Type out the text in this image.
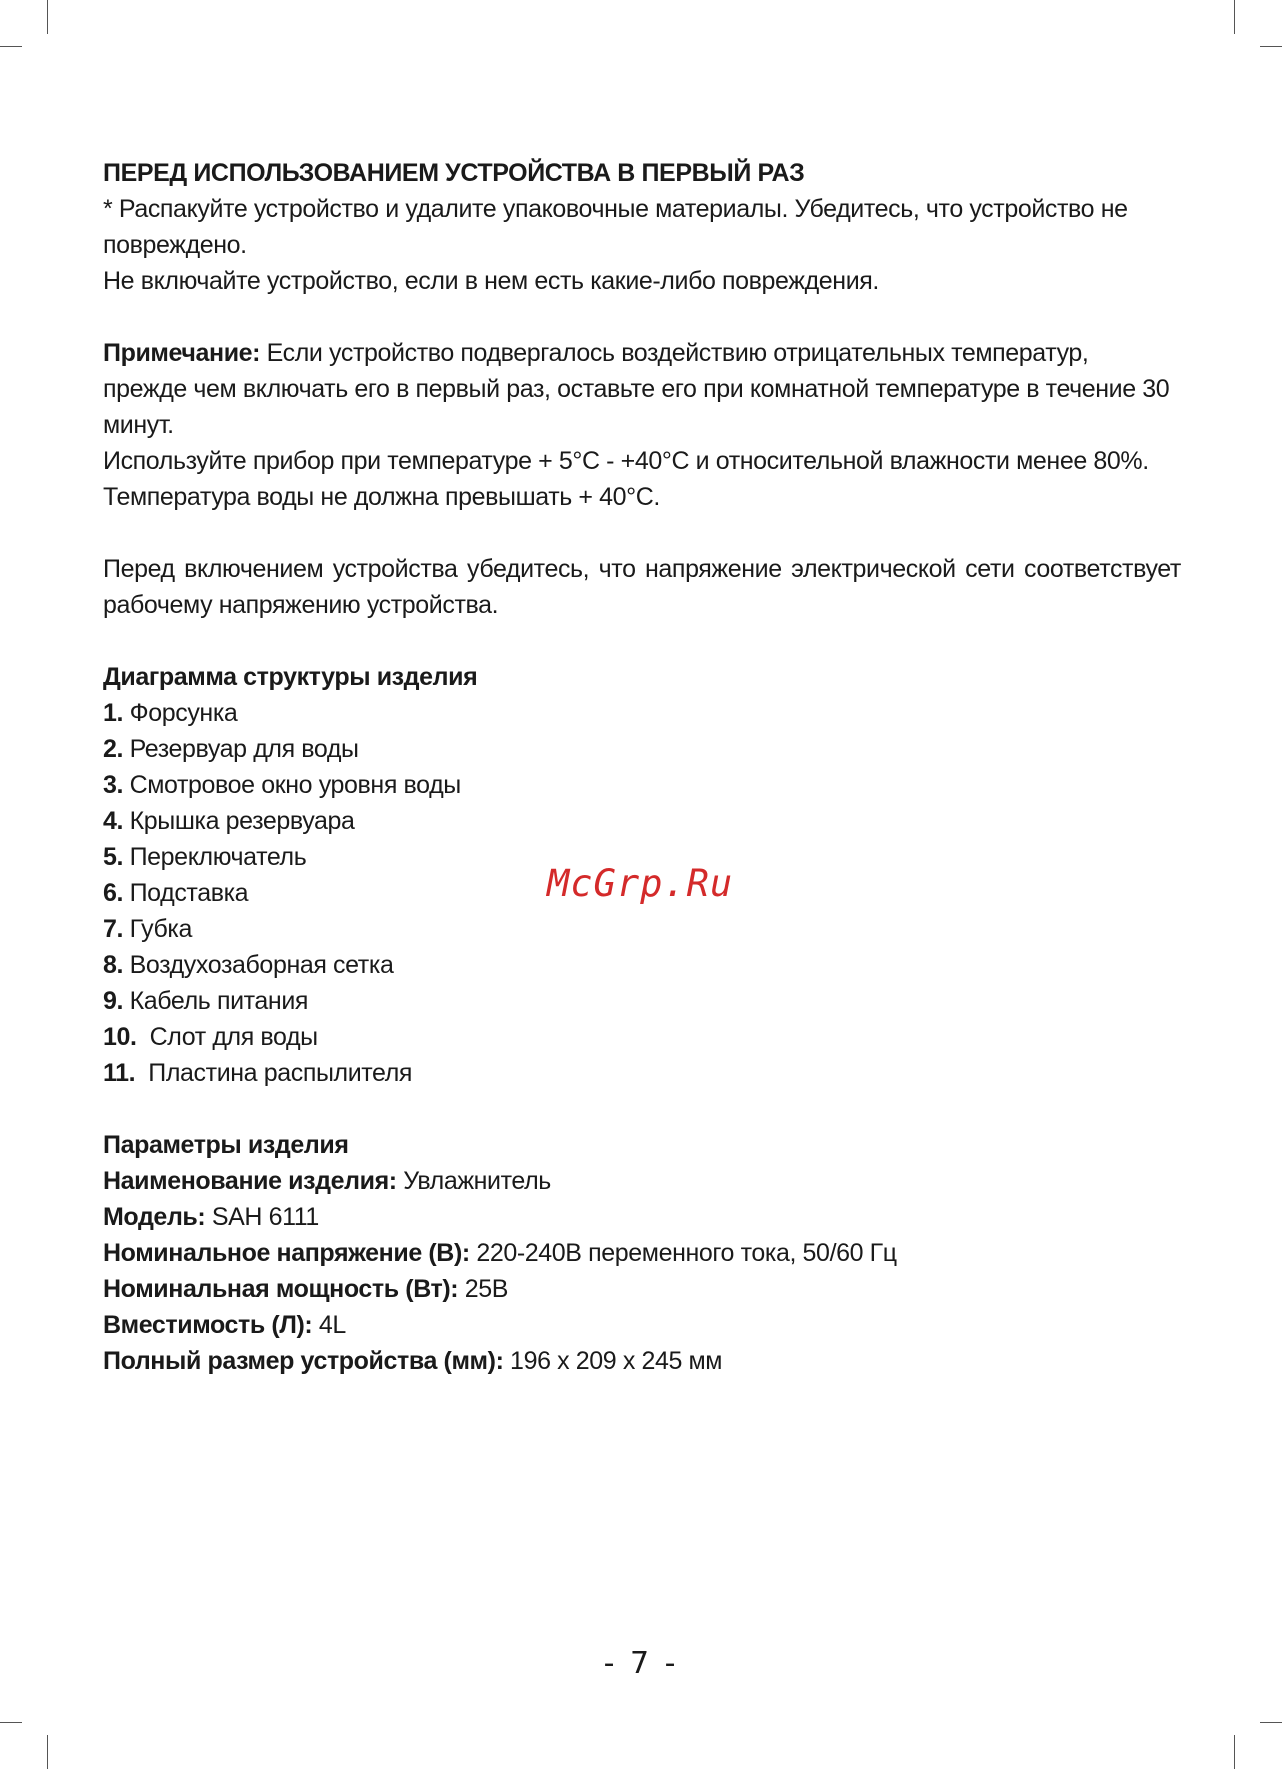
ПЕРЕД ИСПОЛЬЗОВАНИЕМ УСТРОЙСТВА В ПЕРВЫЙ РАЗ

* Распакуйте устройство и удалите упаковочные материалы. Убедитесь, что устройство не повреждено.

Не включайте устройство, если в нем есть какие-либо повреждения.

Примечание: Если устройство подвергалось воздействию отрицательных температур, прежде чем включать его в первый раз, оставьте его при комнатной температуре в течение 30 минут.

Используйте прибор при температуре + 5°C - +40°C и относительной влажности менее 80%.

Температура воды не должна превышать + 40°C.

Перед включением устройства убедитесь, что напряжение электрической сети соответствует рабочему напряжению устройства.

Диаграмма структуры изделия

1. Форсунка
2. Резервуар для воды
3. Смотровое окно уровня воды
4. Крышка резервуара
5. Переключатель
6. Подставка
7. Губка
8. Воздухозаборная сетка
9. Кабель питания
10.  Слот для воды
11.  Пластина распылителя

Параметры изделия

Наименование изделия: Увлажнитель
Модель: SAH 6111
Номинальное напряжение (В): 220-240В переменного тока, 50/60 Гц
Номинальная мощность (Вт): 25В
Вместимость (Л): 4L
Полный размер устройства (мм): 196 x 209 x 245 мм
McGrp.Ru
- 7 -
